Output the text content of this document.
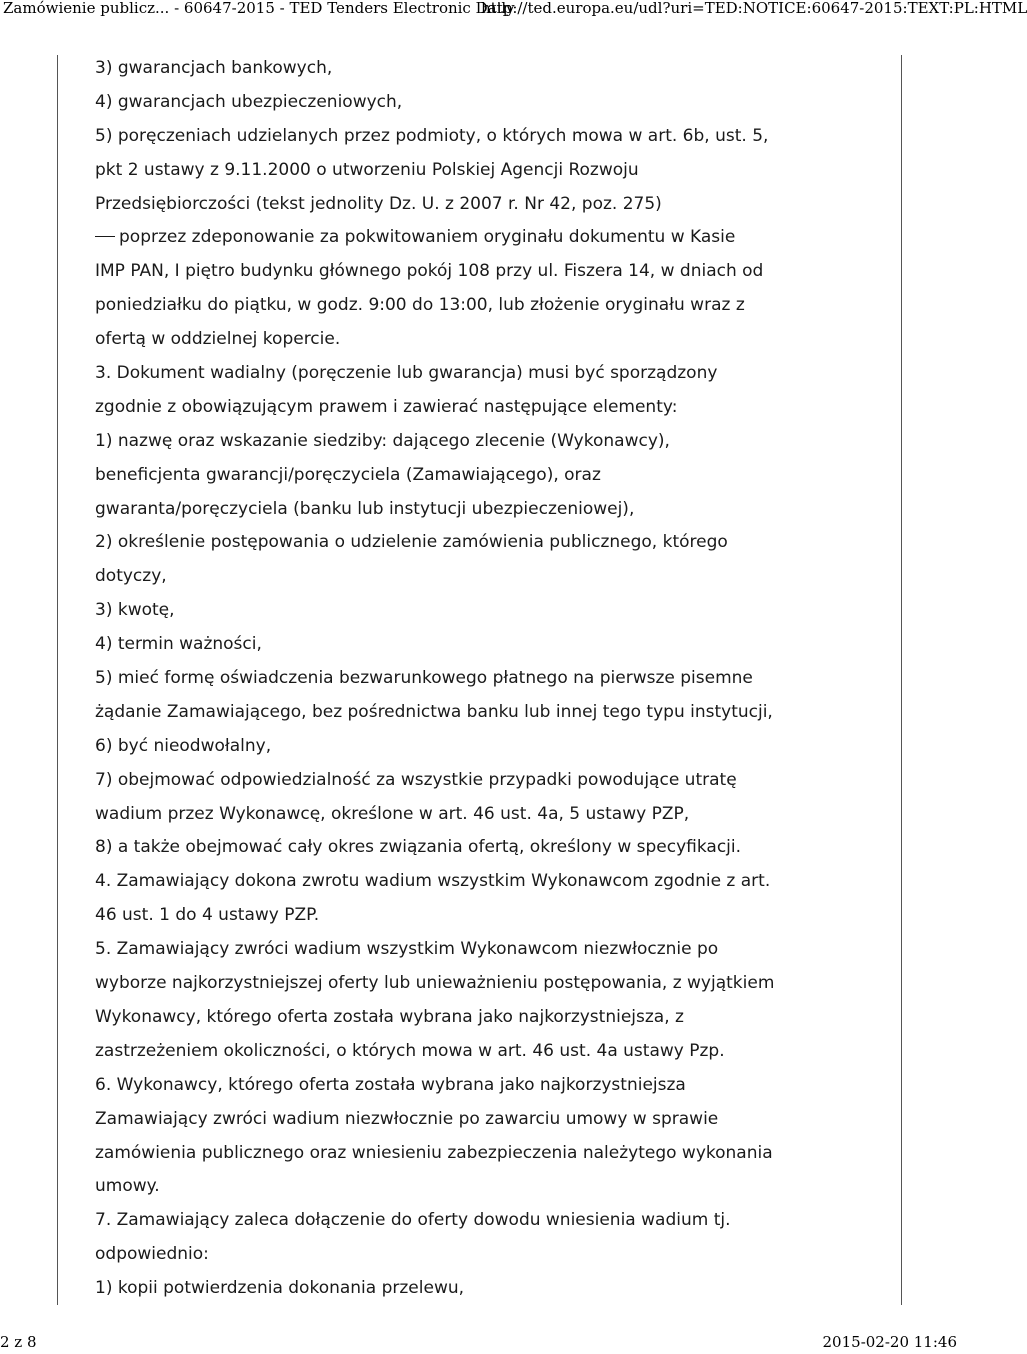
Zamówienie publicz... - 60647-2015 - TED Tenders Electronic Daily
http://ted.europa.eu/udl?uri=TED:NOTICE:60647-2015:TEXT:PL:HTML
3) gwarancjach bankowych,
4) gwarancjach ubezpieczeniowych,
5) poręczeniach udzielanych przez podmioty, o których mowa w art. 6b, ust. 5,
pkt 2 ustawy z 9.11.2000 o utworzeniu Polskiej Agencji Rozwoju
Przedsiębiorczości (tekst jednolity Dz. U. z 2007 r. Nr 42, poz. 275)
poprzez zdeponowanie za pokwitowaniem oryginału dokumentu w Kasie
IMP PAN, I piętro budynku głównego pokój 108 przy ul. Fiszera 14, w dniach od
poniedziałku do piątku, w godz. 9:00 do 13:00, lub złożenie oryginału wraz z
ofertą w oddzielnej kopercie.
3. Dokument wadialny (poręczenie lub gwarancja) musi być sporządzony
zgodnie z obowiązującym prawem i zawierać następujące elementy:
1) nazwę oraz wskazanie siedziby: dającego zlecenie (Wykonawcy),
beneficjenta gwarancji/poręczyciela (Zamawiającego), oraz
gwaranta/poręczyciela (banku lub instytucji ubezpieczeniowej),
2) określenie postępowania o udzielenie zamówienia publicznego, którego
dotyczy,
3) kwotę,
4) termin ważności,
5) mieć formę oświadczenia bezwarunkowego płatnego na pierwsze pisemne
żądanie Zamawiającego, bez pośrednictwa banku lub innej tego typu instytucji,
6) być nieodwołalny,
7) obejmować odpowiedzialność za wszystkie przypadki powodujące utratę
wadium przez Wykonawcę, określone w art. 46 ust. 4a, 5 ustawy PZP,
8) a także obejmować cały okres związania ofertą, określony w specyfikacji.
4. Zamawiający dokona zwrotu wadium wszystkim Wykonawcom zgodnie z art.
46 ust. 1 do 4 ustawy PZP.
5. Zamawiający zwróci wadium wszystkim Wykonawcom niezwłocznie po
wyborze najkorzystniejszej oferty lub unieważnieniu postępowania, z wyjątkiem
Wykonawcy, którego oferta została wybrana jako najkorzystniejsza, z
zastrzeżeniem okoliczności, o których mowa w art. 46 ust. 4a ustawy Pzp.
6. Wykonawcy, którego oferta została wybrana jako najkorzystniejsza
Zamawiający zwróci wadium niezwłocznie po zawarciu umowy w sprawie
zamówienia publicznego oraz wniesieniu zabezpieczenia należytego wykonania
umowy.
7. Zamawiający zaleca dołączenie do oferty dowodu wniesienia wadium tj.
odpowiednio:
1) kopii potwierdzenia dokonania przelewu,
2 z 8	2015-02-20 11:46
